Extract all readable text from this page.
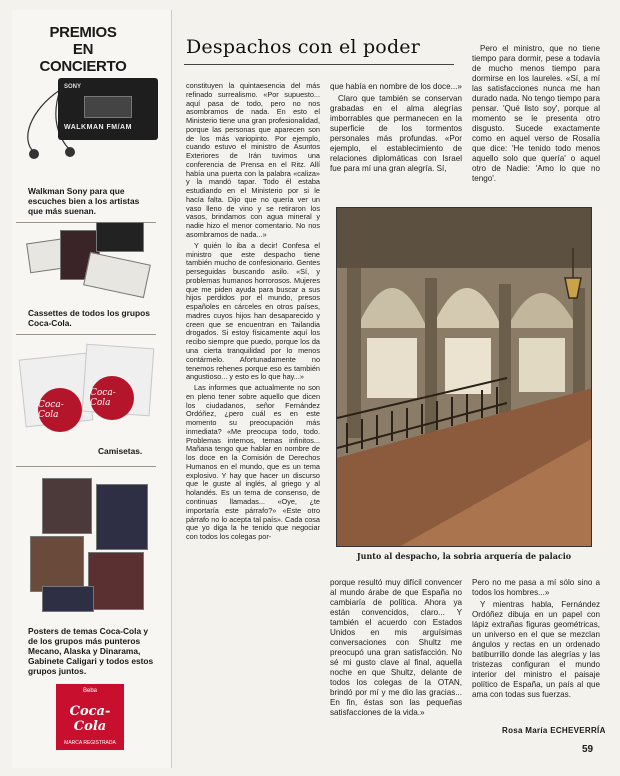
PREMIOS
EN CONCIERTO
SONY
WALKMAN FM/AM
Walkman Sony para que escuches bien a los artistas que más suenan.
Cassettes de todos los grupos Coca-Cola.
Coca-Cola
Coca-Cola
Camisetas.
Posters de temas Coca-Cola y de los grupos más punteros Mecano, Alaska y Dinarama, Gabinete Caligari y todos estos grupos juntos.
Beba
Coca-Cola
MARCA REGISTRADA
Despachos con el poder

constituyen la quintaesencia del más refinado surrealismo. «Por supuesto... aquí pasa de todo, pero no nos asombramos de nada. En esto el Ministerio tiene una gran profesionalidad, porque las personas que aparecen son de los más variopinto. Por ejemplo, cuando estuvo el ministro de Asuntos Exteriores de Irán tuvimos una conferencia de Prensa en el Ritz. Allí había una puerta con la palabra «caliza» y la mandó tapar. Todo él estaba estudiando en el Ministerio por si le hacía falta. Dijo que no quería ver un vaso lleno de vino y se retiraron los vasos, brindamos con agua mineral y nadie hizo el menor comentario. No nos asombramos de nada...»

Y quién lo iba a decir! Confesa el ministro que este despacho tiene también mucho de confesionario. Gentes perseguidas buscando asilo. «Sí, y problemas humanos horrorosos. Mujeres que me piden ayuda para buscar a sus hijos perdidos por el mundo, presos españoles en cárceles en otros países, madres cuyos hijos han desaparecido y creen que se encuentran en Tailandia drogados. Si estoy físicamente aquí los recibo siempre que puedo, porque los da una cierta tranquilidad por lo menos contármelo. Afortunadamente no tenemos rehenes porque eso es también angustioso... y esto es lo que hay...»

Las informes que actualmente no son en pleno tener sobre aquello que dicen los ciudadanos, señor Fernández Ordóñez, ¿pero cuál es en este momento su preocupación más inmediata? «Me preocupa todo, todo. Problemas internos, temas infinitos... Mañana tengo que hablar en nombre de los doce en la Comisión de Derechos Humanos en el mundo, que es un tema explosivo. Y hay que hacer un discurso que le guste al inglés, al griego y al holandés. Es un tema de consenso, de continuas llamadas... «Oye, ¿te importaría este párrafo?» «Este otro párrafo no lo acepta tal país». Cada cosa que yo diga la he tenido que negociar con todos los colegas por-

que había en nombre de los doce...»

Claro que también se conservan grabadas en el alma alegrías imborrables que permanecen en la superficie de los tormentos personales más profundas. «Por ejemplo, el establecimiento de relaciones diplomáticas con Israel fue para mí una gran alegría. Sí,

Pero el ministro, que no tiene tiempo para dormir, pese a todavía de mucho menos tiempo para dormirse en los laureles. «Sí, a mí las satisfacciones nunca me han durado nada. No tengo tiempo para pensar. 'Qué listo soy', porque al momento se le presenta otro disgusto. Sucede exactamente como en aquel verso de Rosalía que dice: 'He tenido todo menos aquello solo que quería' o aquel otro de Nadie: 'Amo lo que no tengo'.

Junto al despacho, la sobria arquería de palacio

porque resultó muy difícil convencer al mundo árabe de que España no cambiaría de política. Ahora ya están convencidos, claro... Y también el acuerdo con Estados Unidos en mis arguísimas conversaciones con Shultz me preocupó una gran satisfacción. No sé mi gusto clave al final, aquella noche en que Shultz, delante de todos los colegas de la OTAN, brindó por mí y me dio las gracias... En fin, éstas son las pequeñas satisfacciones de la vida.»

Pero no me pasa a mí sólo sino a todos los hombres...»

Y mientras habla, Fernández Ordóñez dibuja en un papel con lápiz extrañas figuras geométricas, un universo en el que se mezclan ángulos y rectas en un ordenado batiburrillo donde las alegrías y las tristezas configuran el mundo interior del ministro el paisaje político de España, un país al que ama con todas sus fuerzas.

Rosa María ECHEVERRÍA
59
